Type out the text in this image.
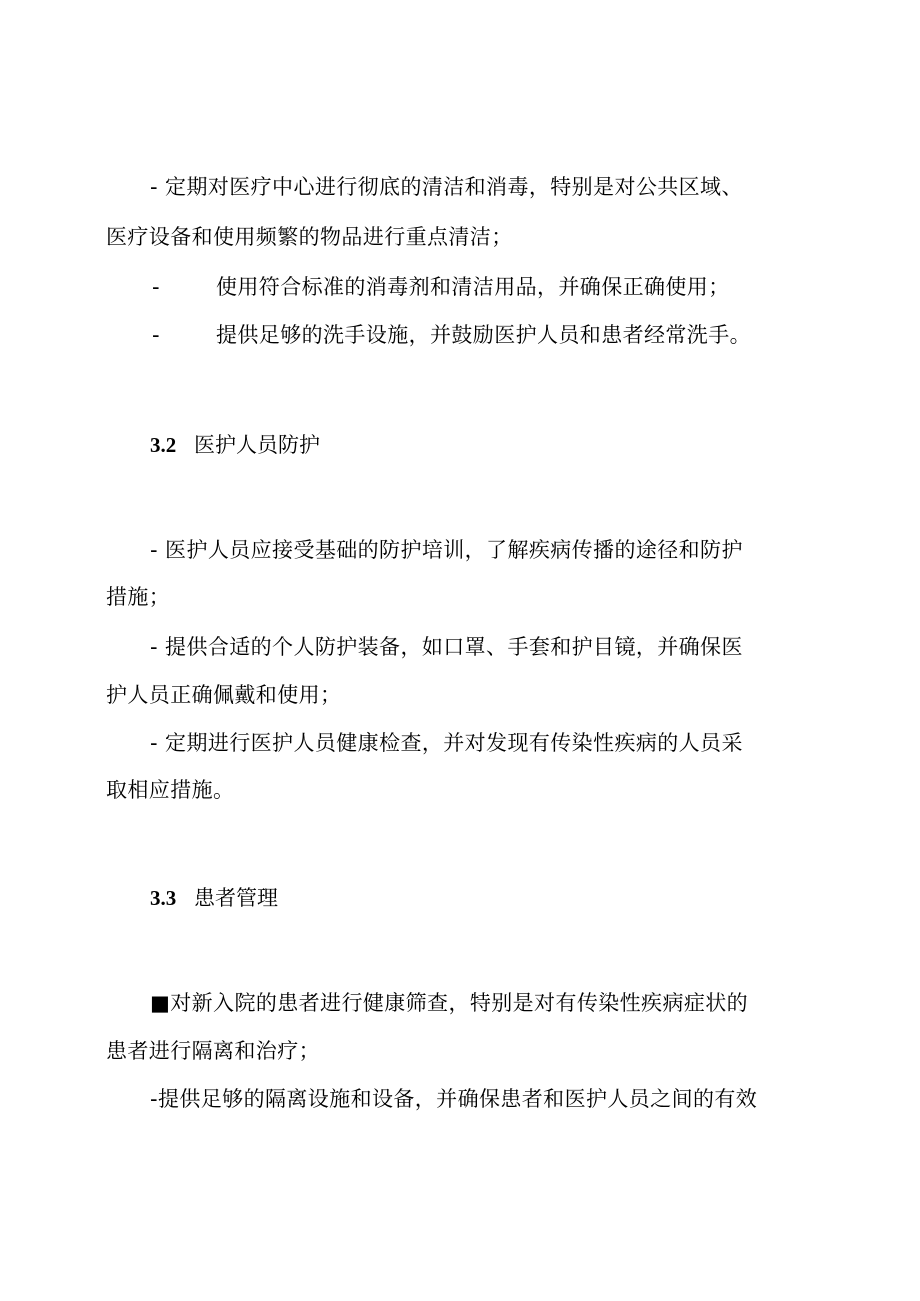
- 定期对医疗中心进行彻底的清洁和消毒，特别是对公共区域、
医疗设备和使用频繁的物品进行重点清洁；
-	使用符合标准的消毒剂和清洁用品，并确保正确使用；
-	提供足够的洗手设施，并鼓励医护人员和患者经常洗手。
3.2 医护人员防护
- 医护人员应接受基础的防护培训，了解疾病传播的途径和防护
措施；
- 提供合适的个人防护装备，如口罩、手套和护目镜，并确保医
护人员正确佩戴和使用；
- 定期进行医护人员健康检查，并对发现有传染性疾病的人员采
取相应措施。
3.3 患者管理
■对新入院的患者进行健康筛查，特别是对有传染性疾病症状的
患者进行隔离和治疗；
-提供足够的隔离设施和设备，并确保患者和医护人员之间的有效
